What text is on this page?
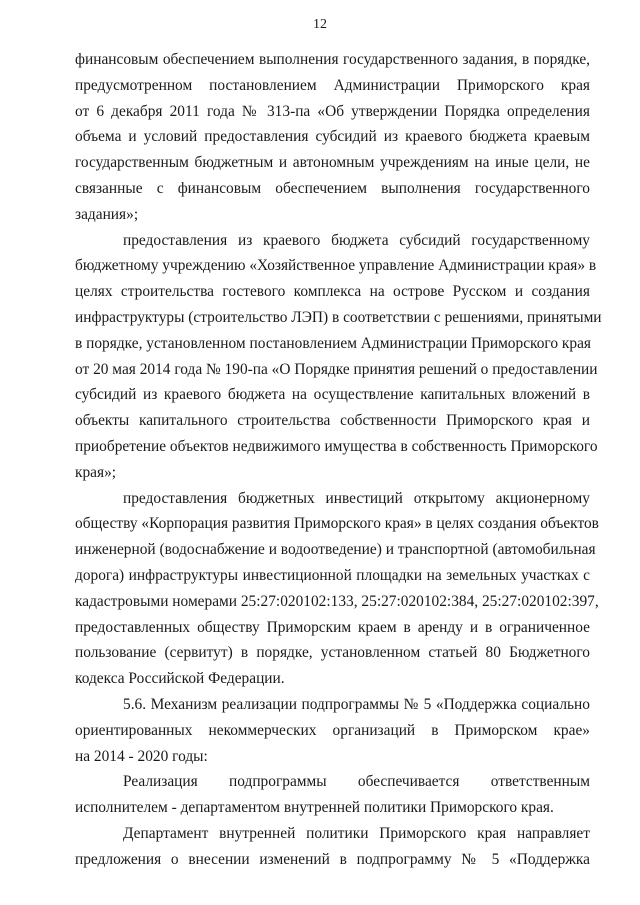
12
финансовым обеспечением выполнения государственного задания, в порядке,
предусмотренном постановлением Администрации Приморского края
от 6 декабря 2011 года № 313-па «Об утверждении Порядка определения
объема и условий предоставления субсидий из краевого бюджета краевым
государственным бюджетным и автономным учреждениям на иные цели, не
связанные с финансовым обеспечением выполнения государственного
задания»;
предоставления из краевого бюджета субсидий государственному
бюджетному учреждению «Хозяйственное управление Администрации края» в
целях строительства гостевого комплекса на острове Русском и создания
инфраструктуры (строительство ЛЭП) в соответствии с решениями, принятыми
в порядке, установленном постановлением Администрации Приморского края
от 20 мая 2014 года № 190-па «О Порядке принятия решений о предоставлении
субсидий из краевого бюджета на осуществление капитальных вложений в
объекты капитального строительства собственности Приморского края и
приобретение объектов недвижимого имущества в собственность Приморского
края»;
предоставления бюджетных инвестиций открытому акционерному
обществу «Корпорация развития Приморского края» в целях создания объектов
инженерной (водоснабжение и водоотведение) и транспортной (автомобильная
дорога) инфраструктуры инвестиционной площадки на земельных участках с
кадастровыми номерами 25:27:020102:133, 25:27:020102:384, 25:27:020102:397,
предоставленных обществу Приморским краем в аренду и в ограниченное
пользование (сервитут) в порядке, установленном статьей 80 Бюджетного
кодекса Российской Федерации.
5.6. Механизм реализации подпрограммы № 5 «Поддержка социально
ориентированных некоммерческих организаций в Приморском крае»
на 2014 - 2020 годы:
Реализация подпрограммы обеспечивается ответственным
исполнителем - департаментом внутренней политики Приморского края.
Департамент внутренней политики Приморского края направляет
предложения о внесении изменений в подпрограмму № 5 «Поддержка
